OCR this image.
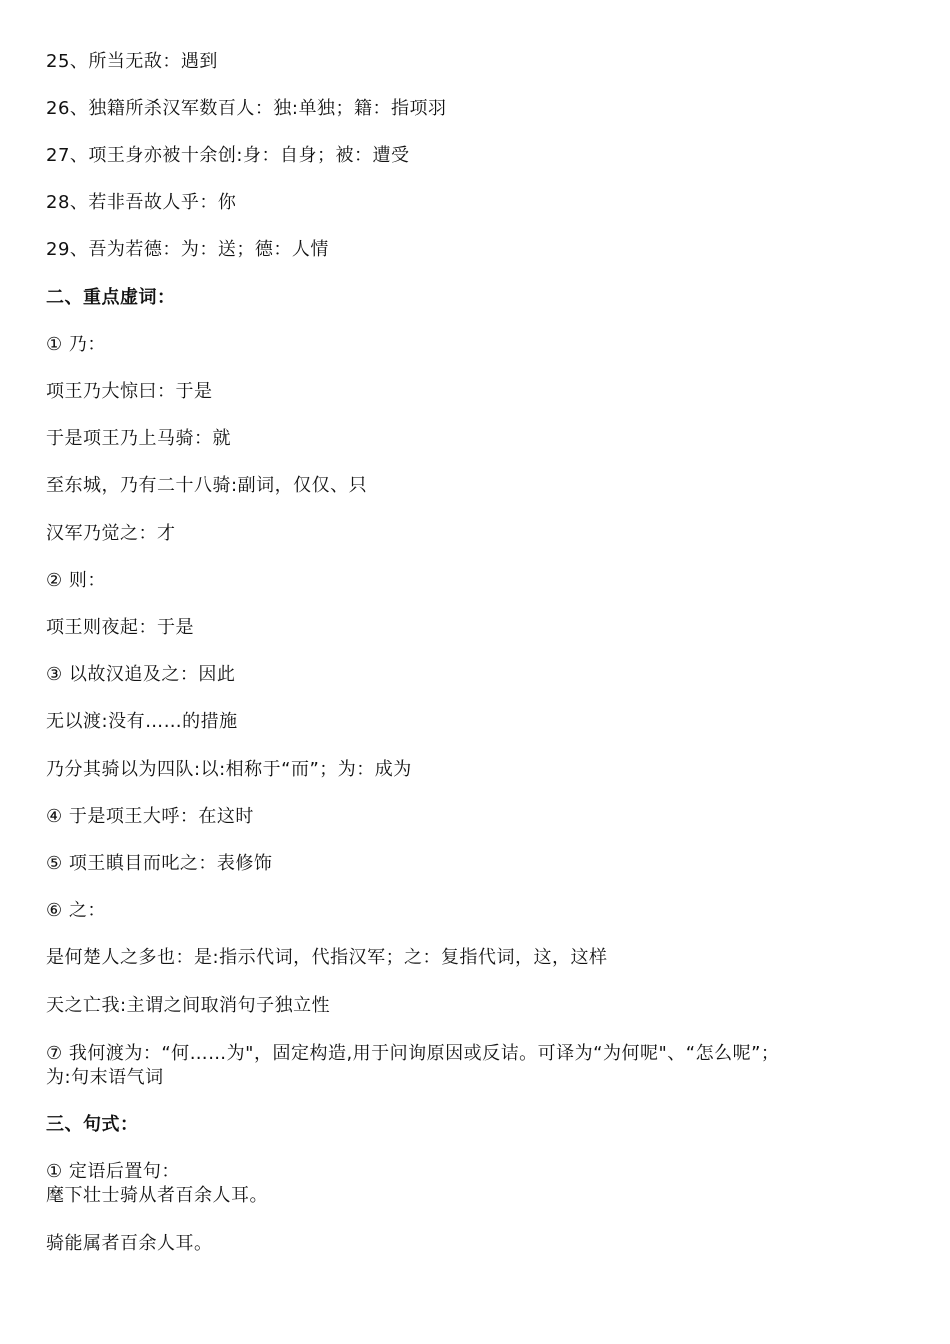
25、所当无敌：遇到
26、独籍所杀汉军数百人：独:单独；籍：指项羽
27、项王身亦被十余创:身：自身；被：遭受
28、若非吾故人乎：你
29、吾为若德：为：送；德：人情
二、重点虚词：
① 乃：
项王乃大惊曰：于是
于是项王乃上马骑：就
至东城，乃有二十八骑:副词，仅仅、只
汉军乃觉之：才
② 则：
项王则夜起：于是
③ 以故汉追及之：因此
无以渡:没有……的措施
乃分其骑以为四队:以:相称于“而”；为：成为
④ 于是项王大呼：在这时
⑤ 项王瞋目而叱之：表修饰
⑥ 之：
是何楚人之多也：是:指示代词，代指汉军；之：复指代词，这，这样
天之亡我:主谓之间取消句子独立性
⑦ 我何渡为：“何……为"，固定构造,用于问询原因或反诘。可译为“为何呢"、“怎么呢”；
为:句末语气词
三、句式：
① 定语后置句：
麾下壮士骑从者百余人耳。
骑能属者百余人耳。
